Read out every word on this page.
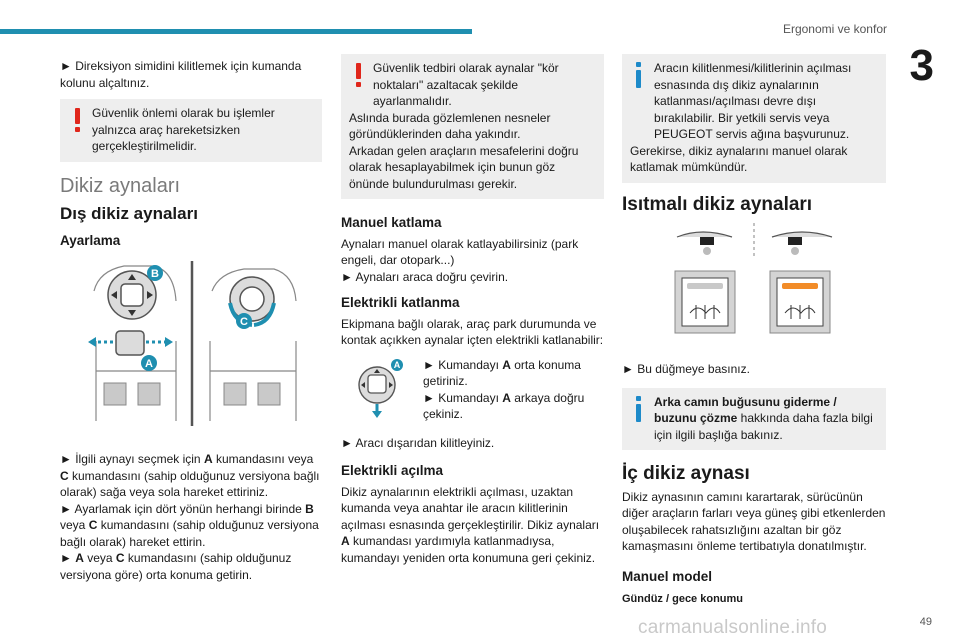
Ergonomi ve konfor
3
49
carmanualsonline.info

► Direksiyon simidini kilitlemek için kumanda kolunu alçaltınız.

Güvenlik önlemi olarak bu işlemler yalnızca araç hareketsizken gerçekleştirilmelidir.

Dikiz aynaları
Dış dikiz aynaları
Ayarlama
B
A
C

► İlgili aynayı seçmek için A kumandasını veya C kumandasını (sahip olduğunuz versiyona bağlı olarak) sağa veya sola hareket ettiriniz.

► Ayarlamak için dört yönün herhangi birinde B veya C kumandasını (sahip olduğunuz versiyona bağlı olarak) hareket ettirin.

► A veya C kumandasını (sahip olduğunuz versiyona göre) orta konuma getirin.

Güvenlik tedbiri olarak aynalar "kör noktaları" azaltacak şekilde ayarlanmalıdır.

Aslında burada gözlemlenen nesneler göründüklerinden daha yakındır.

Arkadan gelen araçların mesafelerini doğru olarak hesaplayabilmek için bunun göz önünde bulundurulması gerekir.

Manuel katlama

Aynaları manuel olarak katlayabilirsiniz (park engeli, dar otopark...)

► Aynaları araca doğru çevirin.

Elektrikli katlanma

Ekipmana bağlı olarak, araç park durumunda ve kontak açıkken aynalar içten elektrikli katlanabilir:

A ► Kumandayı A orta konuma getiriniz.

► Kumandayı A arkaya doğru çekiniz.

► Aracı dışarıdan kilitleyiniz.

Elektrikli açılma

Dikiz aynalarının elektrikli açılması, uzaktan kumanda veya anahtar ile aracın kilitlerinin açılması esnasında gerçekleştirilir. Dikiz aynaları A kumandası yardımıyla katlanmadıysa, kumandayı yeniden orta konumuna geri çekiniz.

Aracın kilitlenmesi/kilitlerinin açılması esnasında dış dikiz aynalarının katlanması/açılması devre dışı bırakılabilir. Bir yetkili servis veya PEUGEOT servis ağına başvurunuz.

Gerekirse, dikiz aynalarını manuel olarak katlamak mümkündür.

Isıtmalı dikiz aynaları

► Bu düğmeye basınız.

Arka camın buğusunu giderme / buzunu çözme hakkında daha fazla bilgi için ilgili başlığa bakınız.

İç dikiz aynası

Dikiz aynasının camını karartarak, sürücünün diğer araçların farları veya güneş gibi etkenlerden oluşabilecek rahatsızlığını azaltan bir göz kamaşmasını önleme tertibatıyla donatılmıştır.

Manuel model

Gündüz / gece konumu
